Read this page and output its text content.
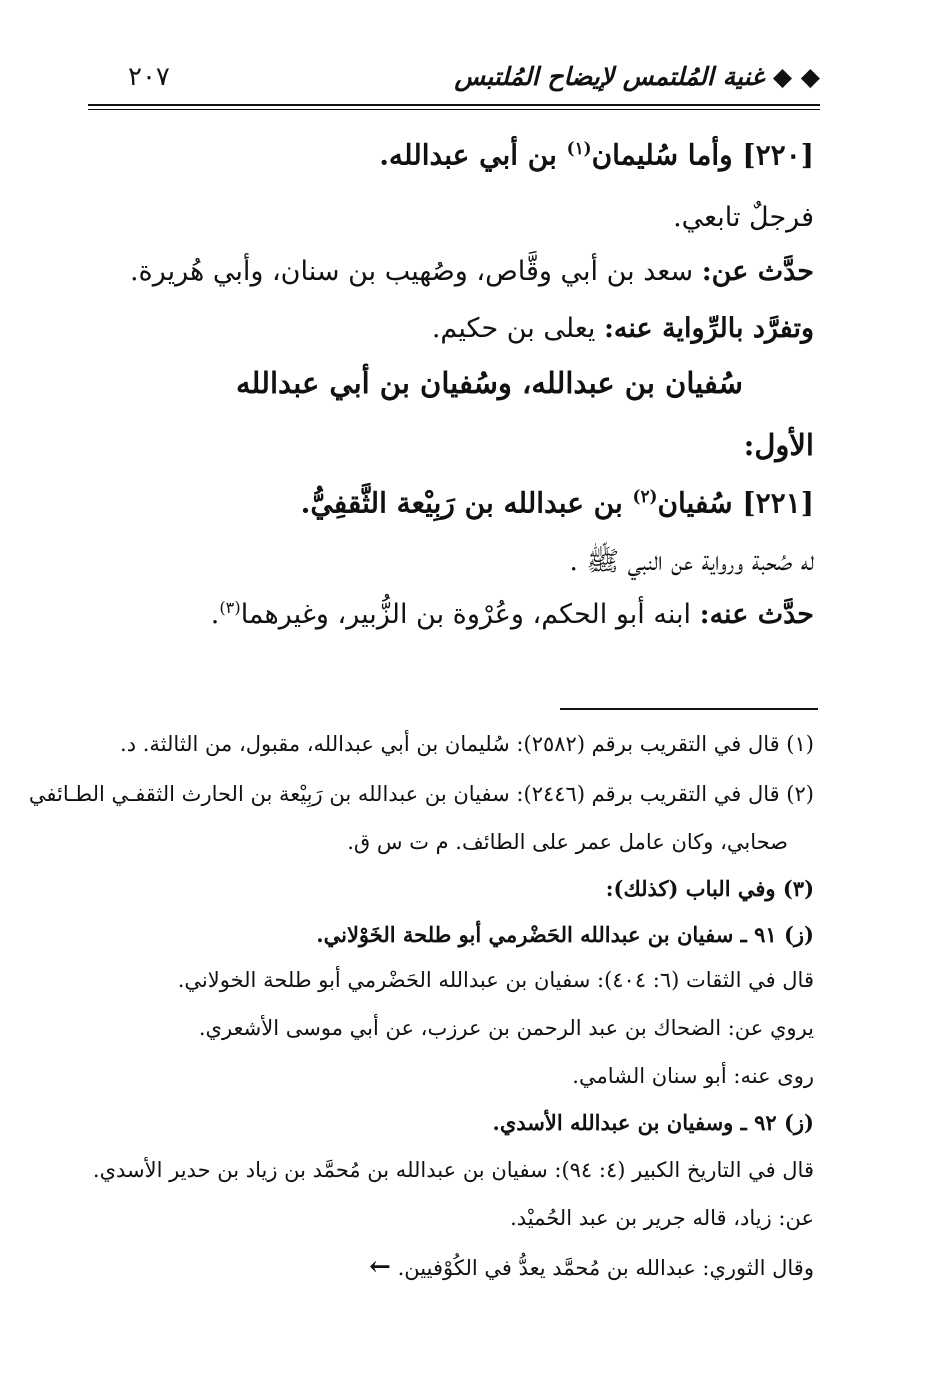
٢٠٧	◆ ◆ غنية المُلتمس لإيضاح المُلتبس
[٢٢٠] وأما سُليمان$^{(١)}$ بن أبي عبدالله.
فرجلٌ تابعي.
حدَّث عن: سعد بن أبي وقَّاص، وصُهيب بن سنان، وأبي هُريرة.
وتفرَّد بالرِّواية عنه: يعلى بن حكيم.
سُفيان بن عبدالله، وسُفيان بن أبي عبدالله
الأول:
[٢٢١] سُفيان$^{(٢)}$ بن عبدالله بن رَبِيْعة الثَّقفِيُّ.
له صُحبة ورواية عن النبي ﷺ .
حدَّث عنه: ابنه أبو الحكم، وعُرْوة بن الزُّبير، وغيرهما$^{(٣)}$.
(١) قال في التقريب برقم (٢٥٨٢): سُليمان بن أبي عبدالله، مقبول، من الثالثة. د.
(٢) قال في التقريب برقم (٢٤٤٦): سفيان بن عبدالله بن رَبِيْعة بن الحارث الثقفـي الطـائفي
صحابي، وكان عامل عمر على الطائف. م ت س ق.
(٣) وفي الباب (كذلك):
(ز) ٩١ ـ سفيان بن عبدالله الحَضْرمي أبو طلحة الخَوْلاني.
قال في الثقات (٦: ٤٠٤): سفيان بن عبدالله الحَضْرمي أبو طلحة الخولاني.
يروي عن: الضحاك بن عبد الرحمن بن عرزب، عن أبي موسى الأشعري.
روى عنه: أبو سنان الشامي.
(ز) ٩٢ ـ وسفيان بن عبدالله الأسدي.
قال في التاريخ الكبير (٤: ٩٤): سفيان بن عبدالله بن مُحمَّد بن زياد بن حدير الأسدي.
عن: زياد، قاله جرير بن عبد الحُميْد.
وقال الثوري: عبدالله بن مُحمَّد يعدُّ في الكُوْفيين. ←
